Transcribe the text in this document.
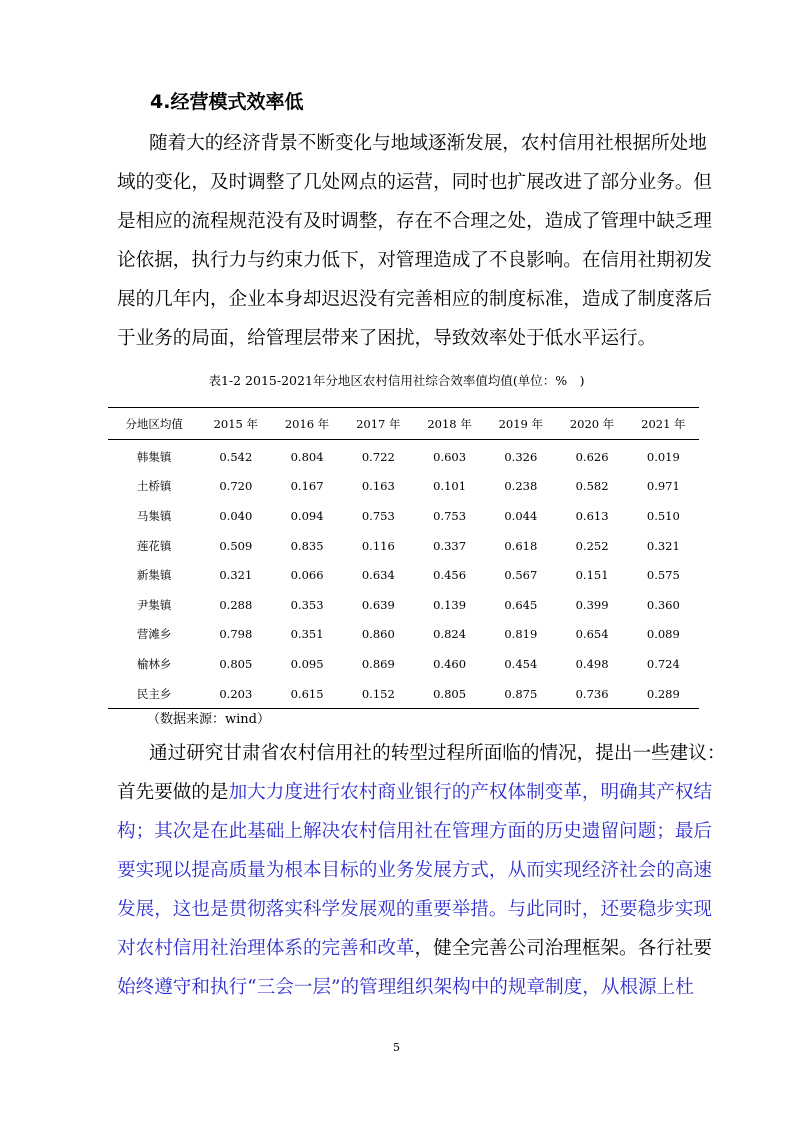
4.经营模式效率低
随着大的经济背景不断变化与地域逐渐发展，农村信用社根据所处地
域的变化，及时调整了几处网点的运营，同时也扩展改进了部分业务。但
是相应的流程规范没有及时调整，存在不合理之处，造成了管理中缺乏理
论依据，执行力与约束力低下，对管理造成了不良影响。在信用社期初发
展的几年内，企业本身却迟迟没有完善相应的制度标准，造成了制度落后
于业务的局面，给管理层带来了困扰，导致效率处于低水平运行。
表1-2 2015-2021年分地区农村信用社综合效率值均值(单位：%　)
分地区均值	2015 年	2016 年	2017 年	2018 年	2019 年	2020 年	2021 年
韩集镇	0.542	0.804	0.722	0.603	0.326	0.626	0.019
土桥镇	0.720	0.167	0.163	0.101	0.238	0.582	0.971
马集镇	0.040	0.094	0.753	0.753	0.044	0.613	0.510
莲花镇	0.509	0.835	0.116	0.337	0.618	0.252	0.321
新集镇	0.321	0.066	0.634	0.456	0.567	0.151	0.575
尹集镇	0.288	0.353	0.639	0.139	0.645	0.399	0.360
营滩乡	0.798	0.351	0.860	0.824	0.819	0.654	0.089
榆林乡	0.805	0.095	0.869	0.460	0.454	0.498	0.724
民主乡	0.203	0.615	0.152	0.805	0.875	0.736	0.289
（数据来源：wind）
通过研究甘肃省农村信用社的转型过程所面临的情况，提出一些建议：
首先要做的是加大力度进行农村商业银行的产权体制变革，明确其产权结
构；其次是在此基础上解决农村信用社在管理方面的历史遗留问题；最后
要实现以提高质量为根本目标的业务发展方式，从而实现经济社会的高速
发展，这也是贯彻落实科学发展观的重要举措。与此同时，还要稳步实现
对农村信用社治理体系的完善和改革，健全完善公司治理框架。各行社要
始终遵守和执行“三会一层”的管理组织架构中的规章制度，从根源上杜
5
